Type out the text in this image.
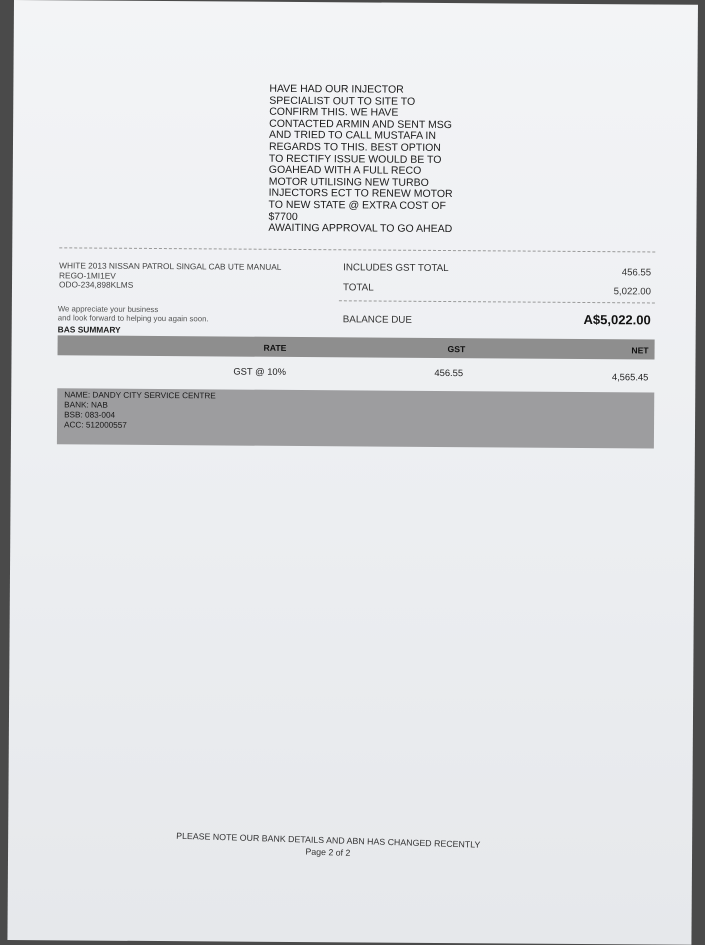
HAVE HAD OUR INJECTOR
SPECIALIST OUT TO SITE TO
CONFIRM THIS. WE HAVE
CONTACTED ARMIN AND SENT MSG
AND TRIED TO CALL MUSTAFA IN
REGARDS TO THIS. BEST OPTION
TO RECTIFY ISSUE WOULD BE TO
GOAHEAD WITH A FULL RECO
MOTOR UTILISING NEW TURBO
INJECTORS ECT TO RENEW MOTOR
TO NEW STATE @ EXTRA COST OF
$7700
AWAITING APPROVAL TO GO AHEAD
WHITE 2013 NISSAN PATROL SINGAL CAB UTE MANUAL
REGO-1MI1EV
ODO-234,898KLMS
INCLUDES GST TOTAL	456.55
TOTAL	5,022.00
BALANCE DUE	A$5,022.00
We appreciate your business
and look forward to helping you again soon.
BAS SUMMARY
RATE	GST	NET
GST @ 10%	456.55	4,565.45
NAME: DANDY CITY SERVICE CENTRE
BANK: NAB
BSB: 083-004
ACC: 512000557
PLEASE NOTE OUR BANK DETAILS AND ABN HAS CHANGED RECENTLY
Page 2 of 2
